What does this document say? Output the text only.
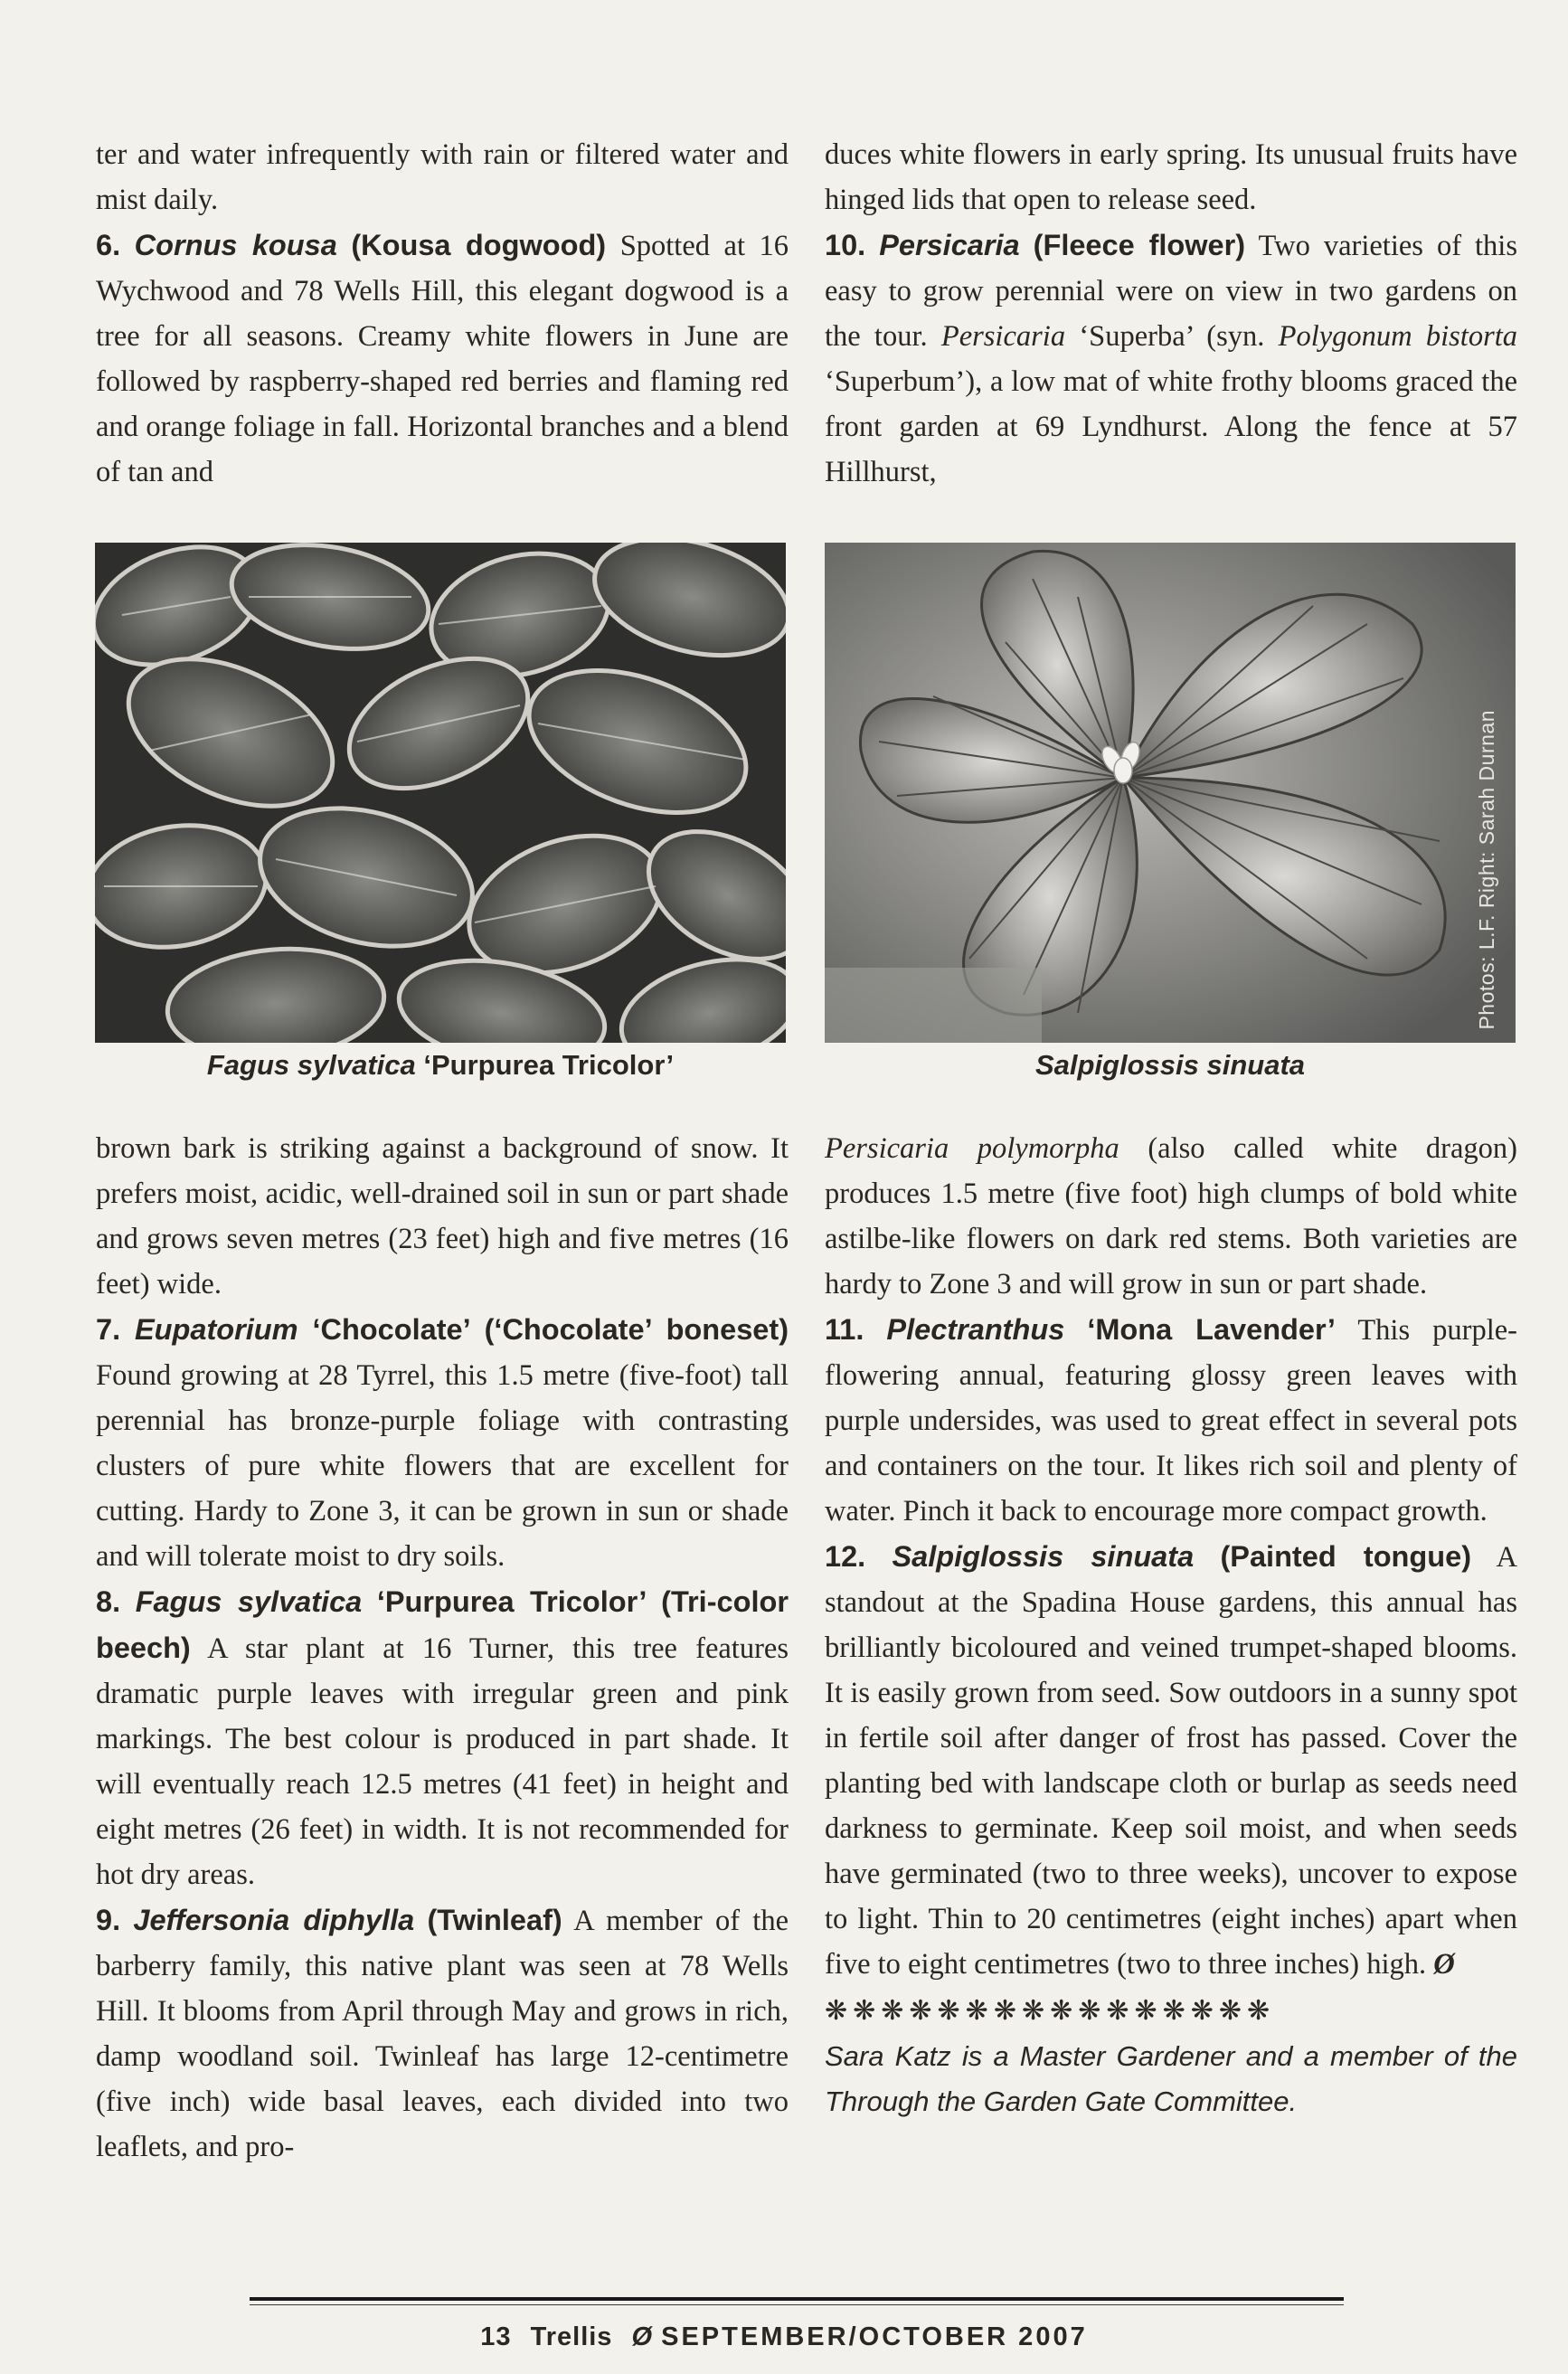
ter and water infrequently with rain or filtered water and mist daily.

6. Cornus kousa (Kousa dogwood) Spotted at 16 Wychwood and 78 Wells Hill, this elegant dogwood is a tree for all seasons. Creamy white flowers in June are followed by raspberry-shaped red berries and flaming red and orange foliage in fall. Horizontal branches and a blend of tan and

duces white flowers in early spring. Its unusual fruits have hinged lids that open to release seed.

10. Persicaria (Fleece flower) Two varieties of this easy to grow perennial were on view in two gardens on the tour. Persicaria ‘Superba’ (syn. Polygonum bistorta ‘Superbum’), a low mat of white frothy blooms graced the front garden at 69 Lyndhurst. Along the fence at 57 Hillhurst,

Photos: L.F. Right: Sarah Durnan
Fagus sylvatica ‘Purpurea Tricolor’	Salpiglossis sinuata

brown bark is striking against a background of snow. It prefers moist, acidic, well-drained soil in sun or part shade and grows seven metres (23 feet) high and five metres (16 feet) wide.

7. Eupatorium ‘Chocolate’ (‘Chocolate’ boneset) Found growing at 28 Tyrrel, this 1.5 metre (five-foot) tall perennial has bronze-purple foliage with contrasting clusters of pure white flowers that are excellent for cutting. Hardy to Zone 3, it can be grown in sun or shade and will tolerate moist to dry soils.

8. Fagus sylvatica ‘Purpurea Tricolor’ (Tri-color beech) A star plant at 16 Turner, this tree features dramatic purple leaves with irregular green and pink markings. The best colour is produced in part shade. It will eventually reach 12.5 metres (41 feet) in height and eight metres (26 feet) in width. It is not recommended for hot dry areas.

9. Jeffersonia diphylla (Twinleaf) A member of the barberry family, this native plant was seen at 78 Wells Hill. It blooms from April through May and grows in rich, damp woodland soil. Twinleaf has large 12-centimetre (five inch) wide basal leaves, each divided into two leaflets, and pro-

Persicaria polymorpha (also called white dragon) produces 1.5 metre (five foot) high clumps of bold white astilbe-like flowers on dark red stems. Both varieties are hardy to Zone 3 and will grow in sun or part shade.

11. Plectranthus ‘Mona Lavender’ This purple-flowering annual, featuring glossy green leaves with purple undersides, was used to great effect in several pots and containers on the tour. It likes rich soil and plenty of water. Pinch it back to encourage more compact growth.

12. Salpiglossis sinuata (Painted tongue) A standout at the Spadina House gardens, this annual has brilliantly bicoloured and veined trumpet-shaped blooms. It is easily grown from seed. Sow outdoors in a sunny spot in fertile soil after danger of frost has passed. Cover the planting bed with landscape cloth or burlap as seeds need darkness to germinate. Keep soil moist, and when seeds have germinated (two to three weeks), uncover to expose to light. Thin to 20 centimetres (eight inches) apart when five to eight centimetres (two to three inches) high. Ø

❋❋❋❋❋❋❋❋❋❋❋❋❋❋❋❋

Sara Katz is a Master Gardener and a member of the Through the Garden Gate Committee.

13 Trellis Ø SEPTEMBER/OCTOBER 2007
